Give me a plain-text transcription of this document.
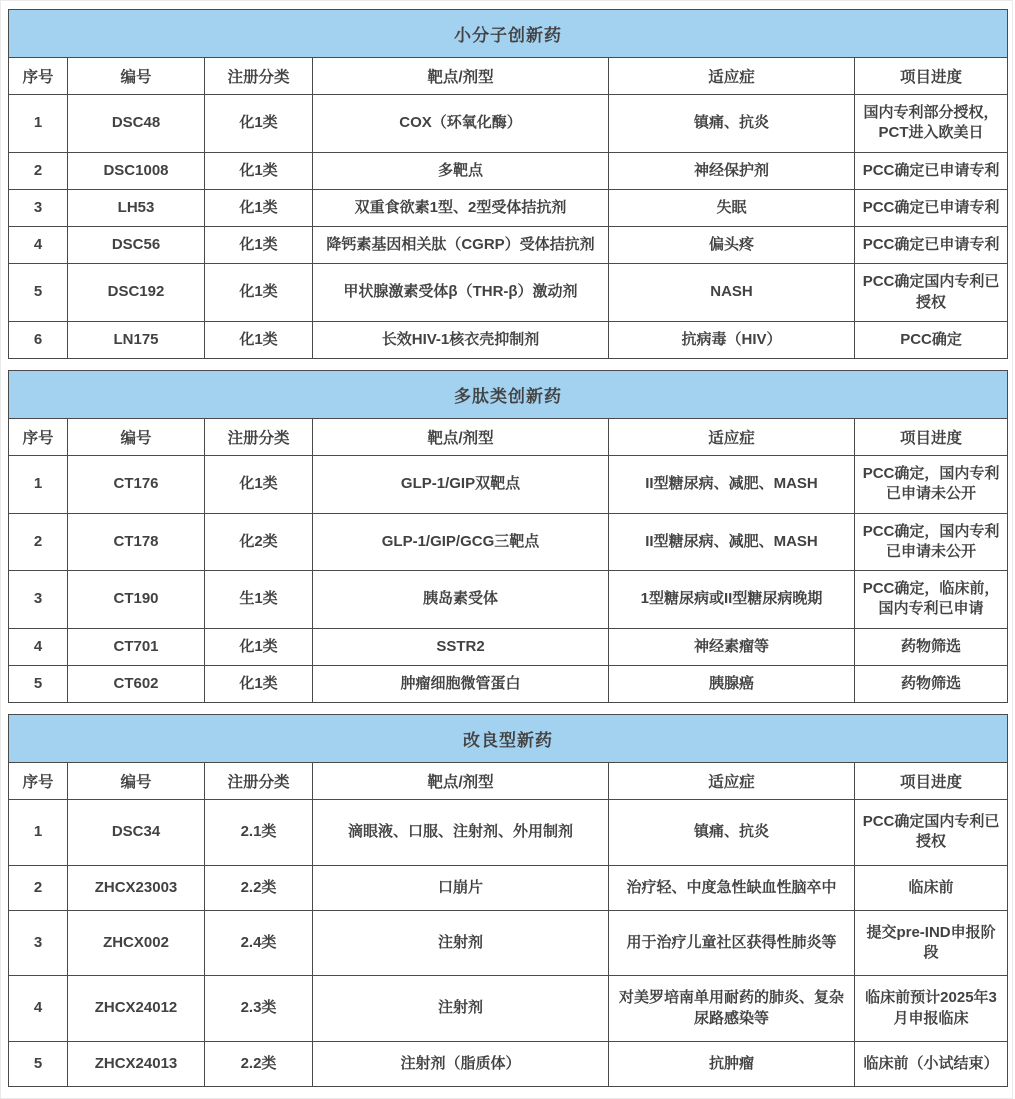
小分子创新药					
序号	编号	注册分类	靶点/剂型	适应症	项目进度
1	DSC48	化1类	COX（环氧化酶）	镇痛、抗炎	国内专利部分授权，PCT进入欧美日
2	DSC1008	化1类	多靶点	神经保护剂	PCC确定已申请专利
3	LH53	化1类	双重食欲素1型、2型受体拮抗剂	失眠	PCC确定已申请专利
4	DSC56	化1类	降钙素基因相关肽（CGRP）受体拮抗剂	偏头疼	PCC确定已申请专利
5	DSC192	化1类	甲状腺激素受体β（THR-β）激动剂	NASH	PCC确定国内专利已授权
6	LN175	化1类	长效HIV-1核衣壳抑制剂	抗病毒（HIV）	PCC确定
多肽类创新药					
序号	编号	注册分类	靶点/剂型	适应症	项目进度
1	CT176	化1类	GLP-1/GIP双靶点	II型糖尿病、减肥、MASH	PCC确定，国内专利已申请未公开
2	CT178	化2类	GLP-1/GIP/GCG三靶点	II型糖尿病、减肥、MASH	PCC确定，国内专利已申请未公开
3	CT190	生1类	胰岛素受体	1型糖尿病或II型糖尿病晚期	PCC确定，临床前，国内专利已申请
4	CT701	化1类	SSTR2	神经素瘤等	药物筛选
5	CT602	化1类	肿瘤细胞微管蛋白	胰腺癌	药物筛选
改良型新药					
序号	编号	注册分类	靶点/剂型	适应症	项目进度
1	DSC34	2.1类	滴眼液、口服、注射剂、外用制剂	镇痛、抗炎	PCC确定国内专利已授权
2	ZHCX23003	2.2类	口崩片	治疗轻、中度急性缺血性脑卒中	临床前
3	ZHCX002	2.4类	注射剂	用于治疗儿童社区获得性肺炎等	提交pre-IND申报阶段
4	ZHCX24012	2.3类	注射剂	对美罗培南单用耐药的肺炎、复杂尿路感染等	临床前预计2025年3月申报临床
5	ZHCX24013	2.2类	注射剂（脂质体）	抗肿瘤	临床前（小试结束）
